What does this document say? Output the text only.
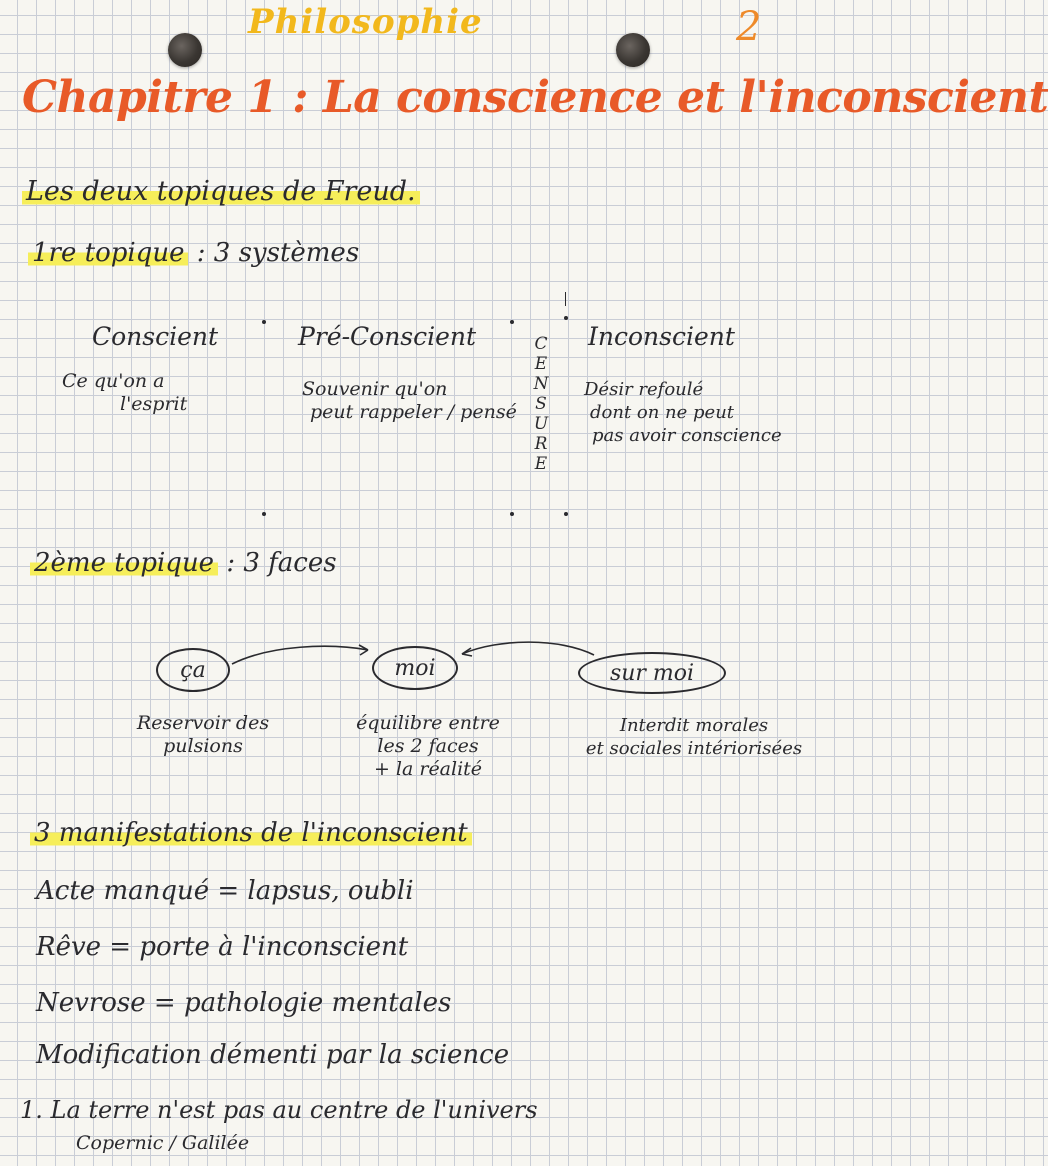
Philosophie	2
Chapitre 1 : La conscience et l'inconscient
Les deux topiques de Freud.
1re topique : 3 systèmes
Conscient
Ce qu'on a
l'esprit
Pré-Conscient
Souvenir qu'on
peut rappeler / pensé
C
E
N
S
U
R
E
Inconscient
Désir refoulé
dont on ne peut
pas avoir conscience
2ème topique : 3 faces
ça	moi	sur moi
Reservoir des
pulsions
équilibre entre
les 2 faces
+ la réalité
Interdit morales
et sociales intériorisées
3 manifestations de l'inconscient
Acte manqué = lapsus, oubli
Rêve = porte à l'inconscient
Nevrose = pathologie mentales
Modification démenti par la science
1. La terre n'est pas au centre de l'univers
Copernic / Galilée
